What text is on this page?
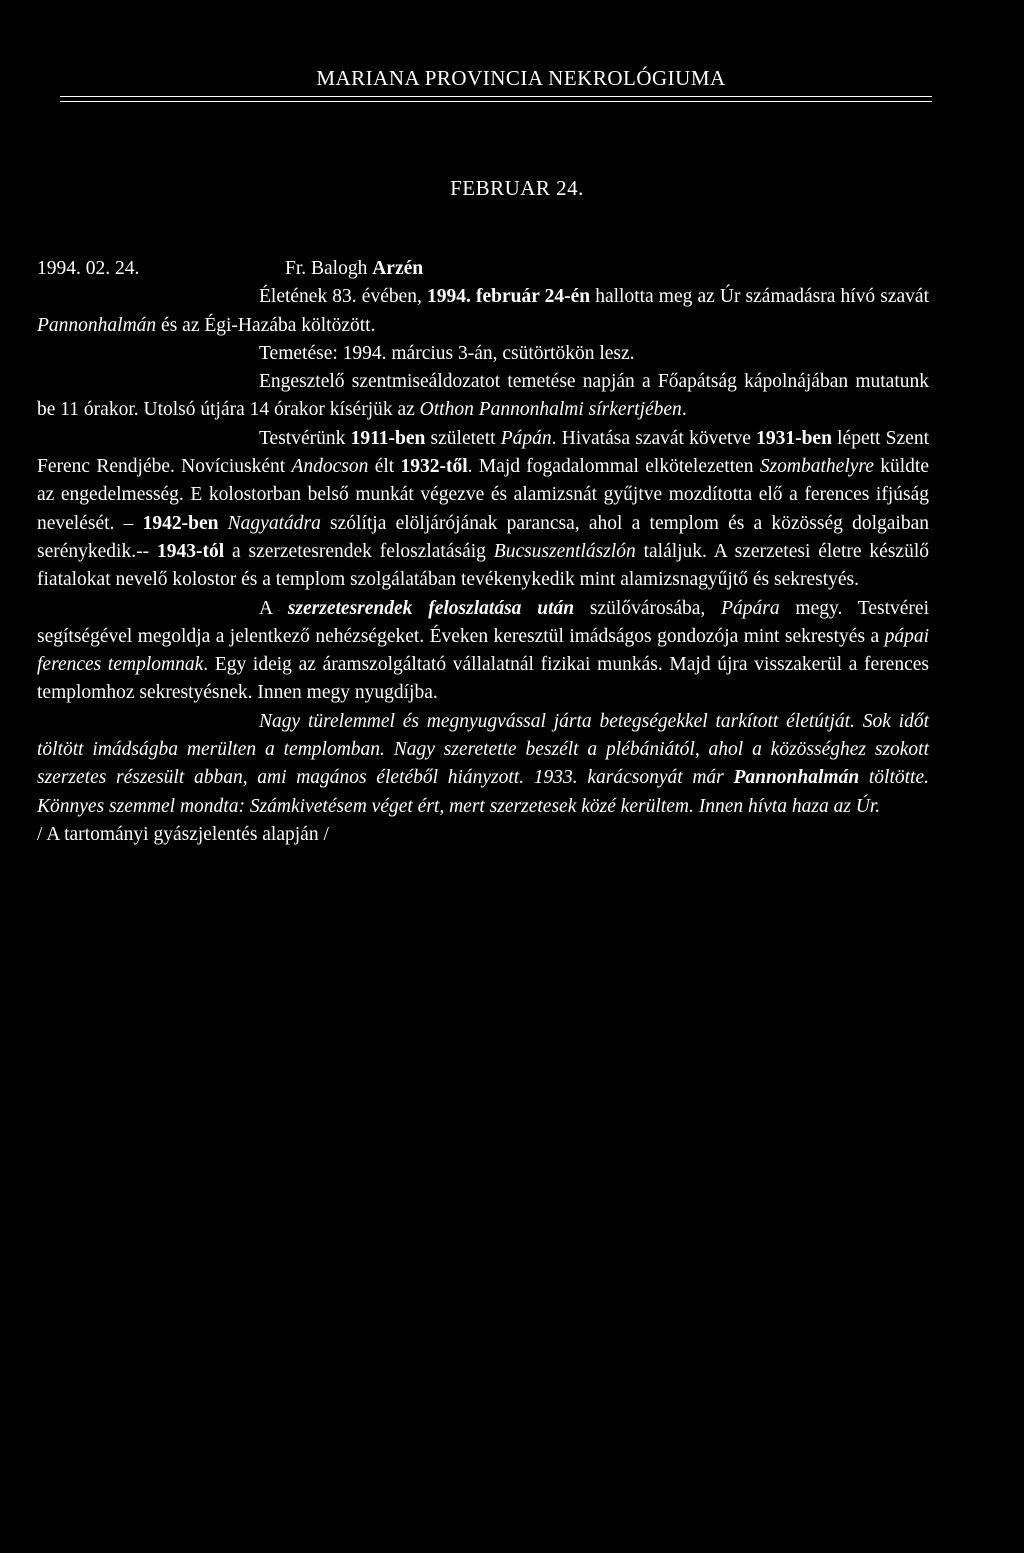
MARIANA PROVINCIA NEKROLÓGIUMA
FEBRUAR 24.
1994. 02. 24.	Fr. Balogh Arzén

Életének 83. évében, 1994. február 24-én hallotta meg az Úr számadásra hívó szavát Pannonhalmán és az Égi-Hazába költözött.

Temetése: 1994. március 3-án, csütörtökön lesz.

Engesztelő szentmiseáldozatot temetése napján a Főapátság kápolnájában mutatunk be 11 órakor. Utolsó útjára 14 órakor kísérjük az Otthon Pannonhalmi sírkertjében.

Testvérünk 1911-ben született Pápán. Hivatása szavát követve 1931-ben lépett Szent Ferenc Rendjébe. Novíciusként Andocson élt 1932-től. Majd fogadalommal elkötelezetten Szombathelyre küldte az engedelmesség. E kolostorban belső munkát végezve és alamizsnát gyűjtve mozdította elő a ferences ifjúság nevelését. – 1942-ben Nagyatádra szólítja elöljárójának parancsa, ahol a templom és a közösség dolgaiban serénykedik.-- 1943-tól a szerzetesrendek feloszlatásáig Bucsuszentlászlón találjuk. A szerzetesi életre készülő fiatalokat nevelő kolostor és a templom szolgálatában tevékenykedik mint alamizsnagyűjtő és sekrestyés.

A szerzetesrendek feloszlatása után szülővárosába, Pápára megy. Testvérei segítségével megoldja a jelentkező nehézségeket. Éveken keresztül imádságos gondozója mint sekrestyés a pápai ferences templomnak. Egy ideig az áramszolgáltató vállalatnál fizikai munkás. Majd újra visszakerül a ferences templomhoz sekrestyésnek. Innen megy nyugdíjba.

Nagy türelemmel és megnyugvással járta betegségekkel tarkított életútját. Sok időt töltött imádságba merülten a templomban. Nagy szeretette beszélt a plébániától, ahol a közösséghez szokott szerzetes részesült abban, ami magános életéből hiányzott. 1933. karácsonyát már Pannonhalmán töltötte. Könnyes szemmel mondta: Számkivetésem véget ért, mert szerzetesek közé kerültem. Innen hívta haza az Úr.

/ A tartományi gyászjelentés alapján /
